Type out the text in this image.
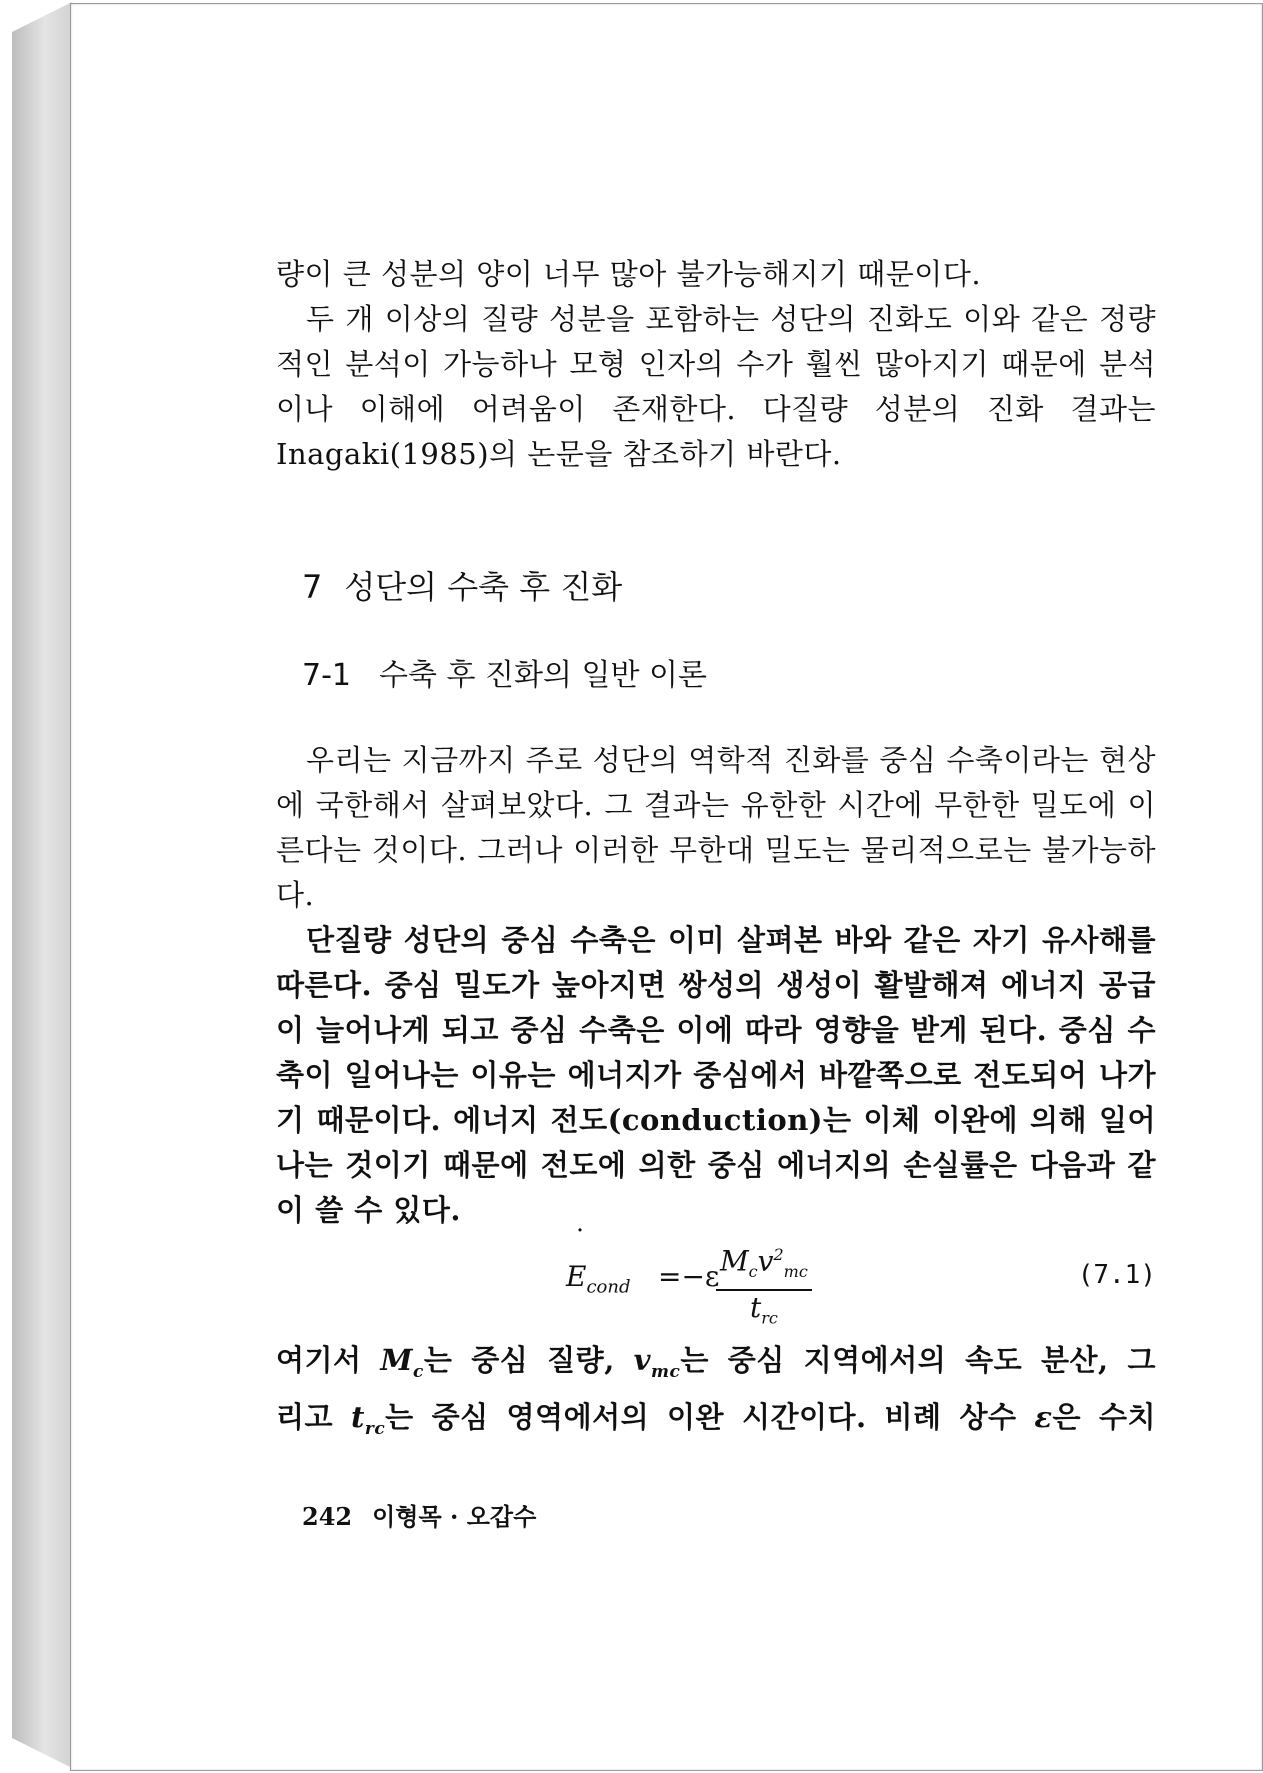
량이 큰 성분의 양이 너무 많아 불가능해지기 때문이다.

두 개 이상의 질량 성분을 포함하는 성단의 진화도 이와 같은 정량적인 분석이 가능하나 모형 인자의 수가 훨씬 많아지기 때문에 분석이나 이해에 어려움이 존재한다. 다질량 성분의 진화 결과는 Inagaki(1985)의 논문을 참조하기 바란다.

7 성단의 수축 후 진화
7-1 수축 후 진화의 일반 이론

우리는 지금까지 주로 성단의 역학적 진화를 중심 수축이라는 현상에 국한해서 살펴보았다. 그 결과는 유한한 시간에 무한한 밀도에 이른다는 것이다. 그러나 이러한 무한대 밀도는 물리적으로는 불가능하다.

단질량 성단의 중심 수축은 이미 살펴본 바와 같은 자기 유사해를 따른다. 중심 밀도가 높아지면 쌍성의 생성이 활발해져 에너지 공급이 늘어나게 되고 중심 수축은 이에 따라 영향을 받게 된다. 중심 수축이 일어나는 이유는 에너지가 중심에서 바깥쪽으로 전도되어 나가기 때문이다. 에너지 전도(conduction)는 이체 이완에 의해 일어나는 것이기 때문에 전도에 의한 중심 에너지의 손실률은 다음과 같이 쓸 수 있다.

$E_{cond}$
˙
=−ε $M_cv^2_{mc}$
$t_{rc}$
(7.1)

여기서 $M_c$는 중심 질량, $v_{mc}$는 중심 지역에서의 속도 분산, 그

리고 $t_{rc}$는 중심 영역에서의 이완 시간이다. 비례 상수 ε은 수치

242 이형목 · 오갑수
